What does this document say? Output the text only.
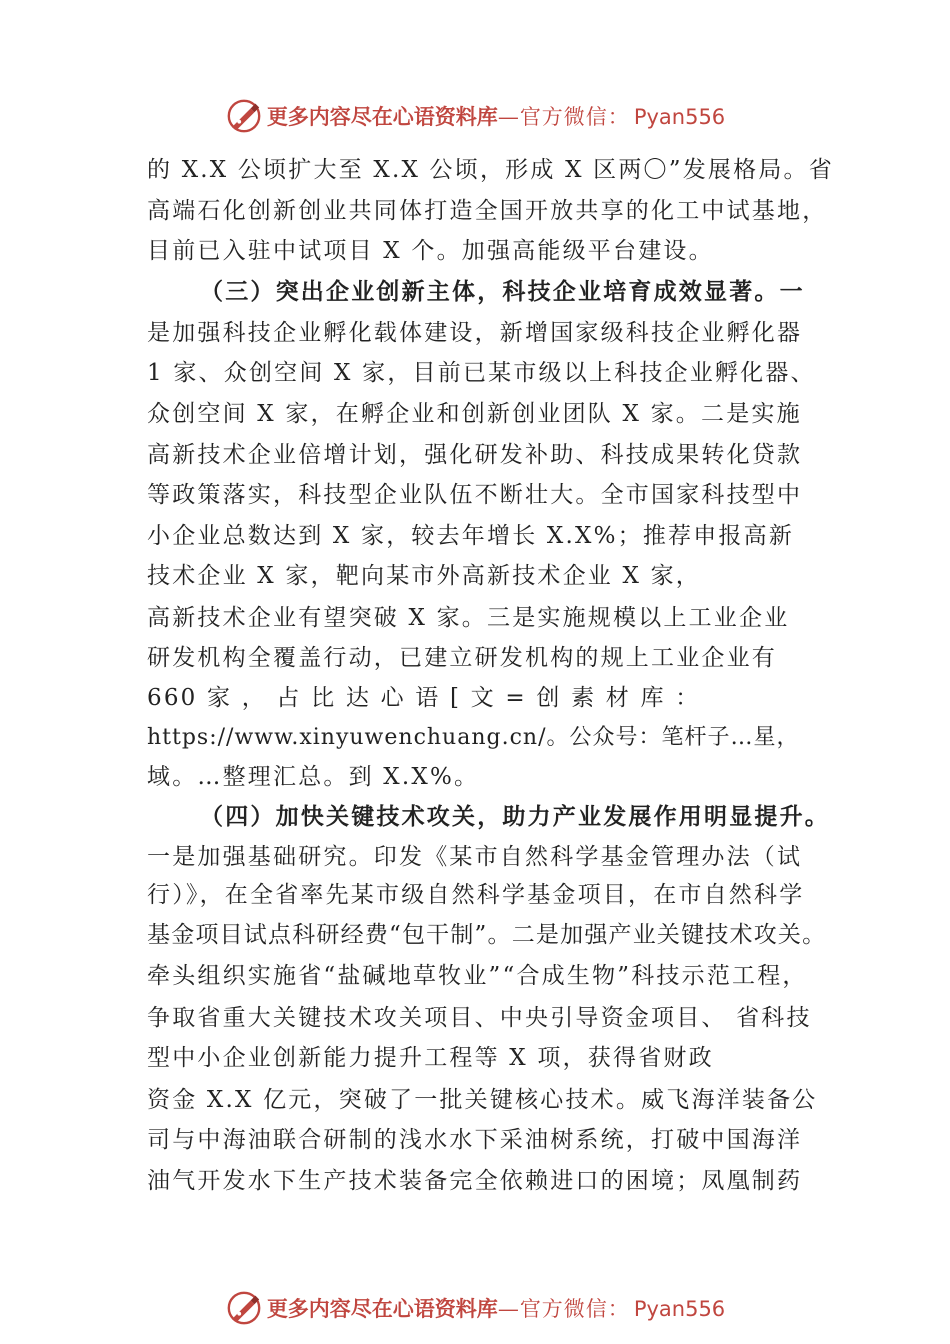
更多内容尽在心语资料库—官方微信： Pyan556
的 X.X 公顷扩大至 X.X 公顷，形成 X 区两〇”发展格局。省
高端石化创新创业共同体打造全国开放共享的化工中试基地，
目前已入驻中试项目 X 个。加强高能级平台建设。
（三）突出企业创新主体，科技企业培育成效显著。一
是加强科技企业孵化载体建设，新增国家级科技企业孵化器
1 家、众创空间 X 家，目前已某市级以上科技企业孵化器、
众创空间 X 家，在孵企业和创新创业团队 X 家。二是实施
高新技术企业倍增计划，强化研发补助、科技成果转化贷款
等政策落实，科技型企业队伍不断壮大。全市国家科技型中
小企业总数达到 X 家，较去年增长 X.X%；推荐申报高新
技术企业 X 家，靶向某市外高新技术企业 X 家，
高新技术企业有望突破 X 家。三是实施规模以上工业企业
研发机构全覆盖行动，已建立研发机构的规上工业企业有
660 家 ， 占 比 达 心 语 [ 文 = 创 素 材 库 ：
https://www.xinyuwenchuang.cn/。公众号：笔杆子…星，
域。…整理汇总。到 X.X%。
（四）加快关键技术攻关，助力产业发展作用明显提升。
一是加强基础研究。印发《某市自然科学基金管理办法（试
行）》，在全省率先某市级自然科学基金项目，在市自然科学
基金项目试点科研经费“包干制”。二是加强产业关键技术攻关。
牵头组织实施省“盐碱地草牧业”“合成生物”科技示范工程，
争取省重大关键技术攻关项目、中央引导资金项目、 省科技
型中小企业创新能力提升工程等 X 项，获得省财政
资金 X.X 亿元，突破了一批关键核心技术。威飞海洋装备公
司与中海油联合研制的浅水水下采油树系统，打破中国海洋
油气开发水下生产技术装备完全依赖进口的困境；凤凰制药
更多内容尽在心语资料库—官方微信： Pyan556
